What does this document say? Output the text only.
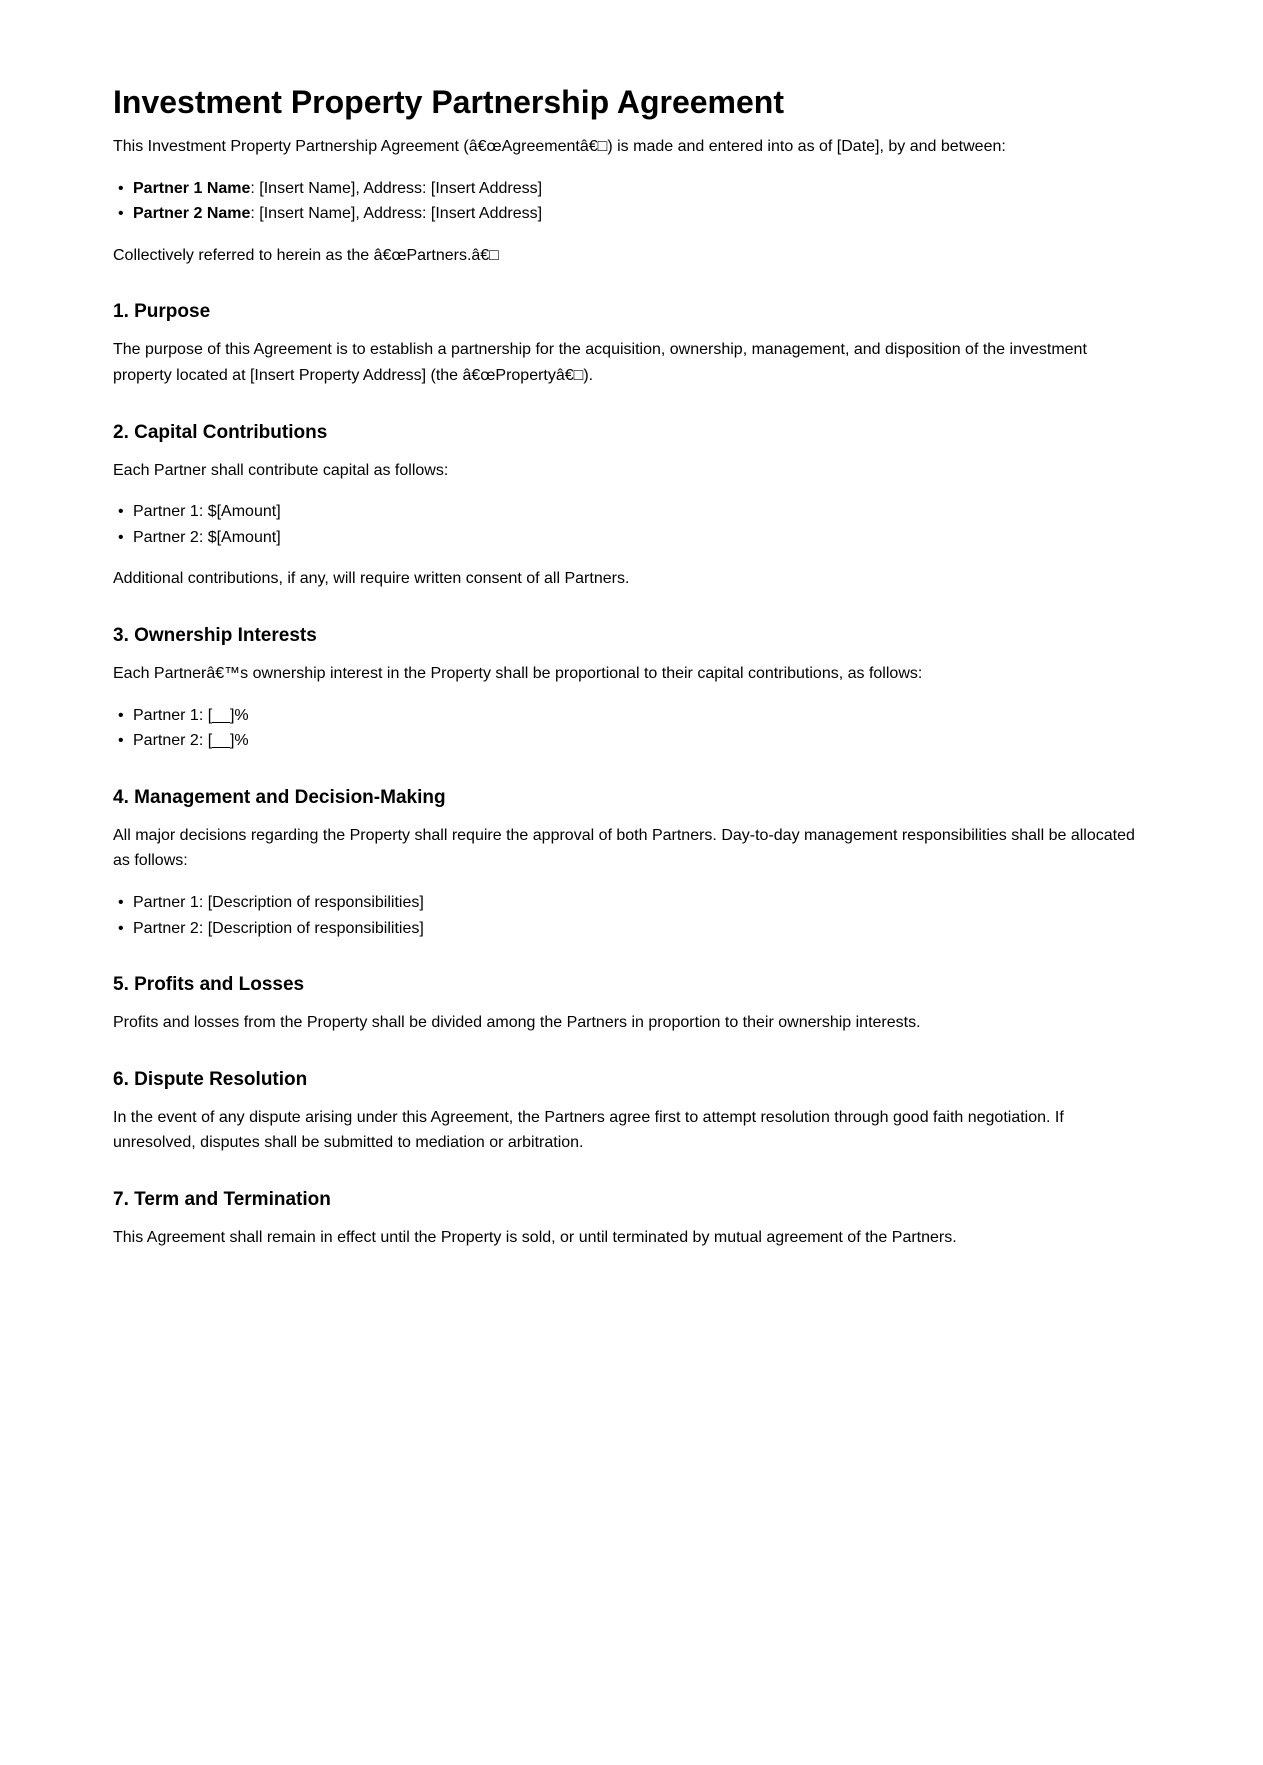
Investment Property Partnership Agreement

This Investment Property Partnership Agreement (â€œAgreementâ€□) is made and entered into as of [Date], by and between:

• Partner 1 Name: [Insert Name], Address: [Insert Address]
• Partner 2 Name: [Insert Name], Address: [Insert Address]

Collectively referred to herein as the â€œPartners.â€□

1. Purpose

The purpose of this Agreement is to establish a partnership for the acquisition, ownership, management, and disposition of the investment property located at [Insert Property Address] (the â€œPropertyâ€□).

2. Capital Contributions

Each Partner shall contribute capital as follows:

• Partner 1: $[Amount]
• Partner 2: $[Amount]

Additional contributions, if any, will require written consent of all Partners.

3. Ownership Interests

Each Partnerâ€™s ownership interest in the Property shall be proportional to their capital contributions, as follows:

• Partner 1: [__]%
• Partner 2: [__]%
4. Management and Decision-Making

All major decisions regarding the Property shall require the approval of both Partners. Day-to-day management responsibilities shall be allocated as follows:

• Partner 1: [Description of responsibilities]
• Partner 2: [Description of responsibilities]
5. Profits and Losses

Profits and losses from the Property shall be divided among the Partners in proportion to their ownership interests.

6. Dispute Resolution

In the event of any dispute arising under this Agreement, the Partners agree first to attempt resolution through good faith negotiation. If unresolved, disputes shall be submitted to mediation or arbitration.

7. Term and Termination

This Agreement shall remain in effect until the Property is sold, or until terminated by mutual agreement of the Partners.
